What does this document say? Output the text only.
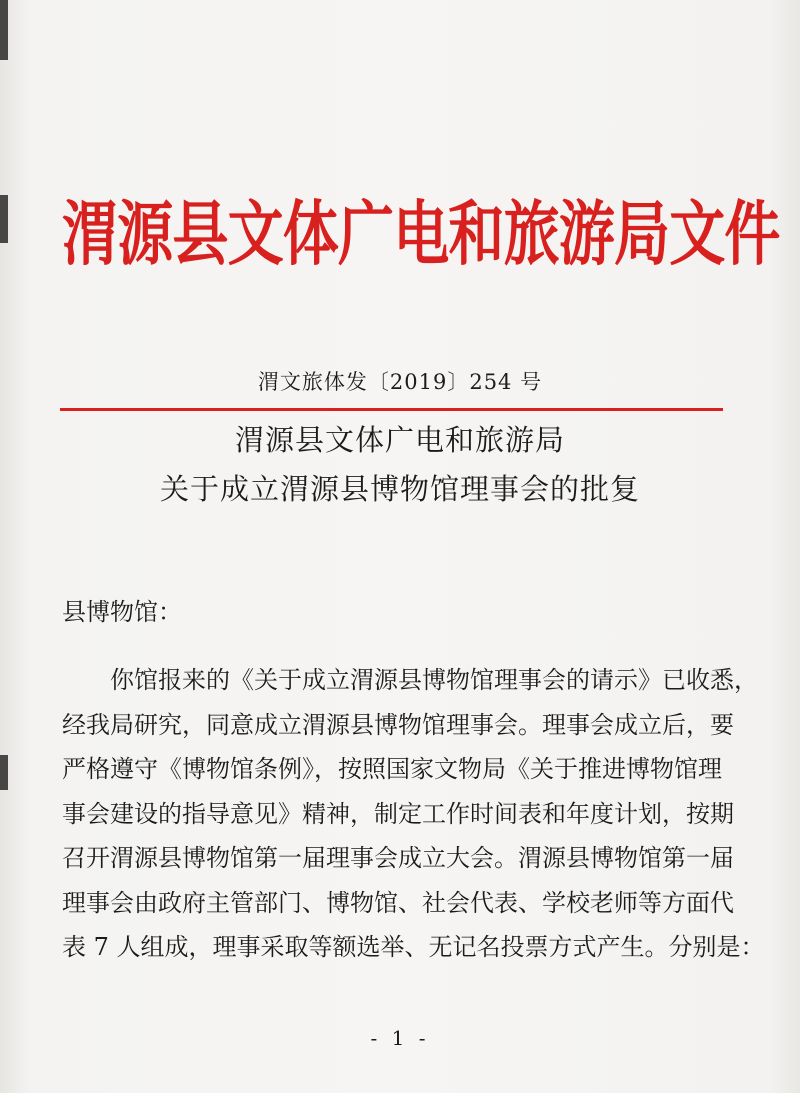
渭源县文体广电和旅游局文件
渭文旅体发〔2019〕254 号
渭源县文体广电和旅游局
关于成立渭源县博物馆理事会的批复
县博物馆：
你馆报来的《关于成立渭源县博物馆理事会的请示》已收悉，
经我局研究，同意成立渭源县博物馆理事会。理事会成立后，要
严格遵守《博物馆条例》，按照国家文物局《关于推进博物馆理
事会建设的指导意见》精神，制定工作时间表和年度计划，按期
召开渭源县博物馆第一届理事会成立大会。渭源县博物馆第一届
理事会由政府主管部门、博物馆、社会代表、学校老师等方面代
表 7 人组成，理事采取等额选举、无记名投票方式产生。分别是：
- 1 -
